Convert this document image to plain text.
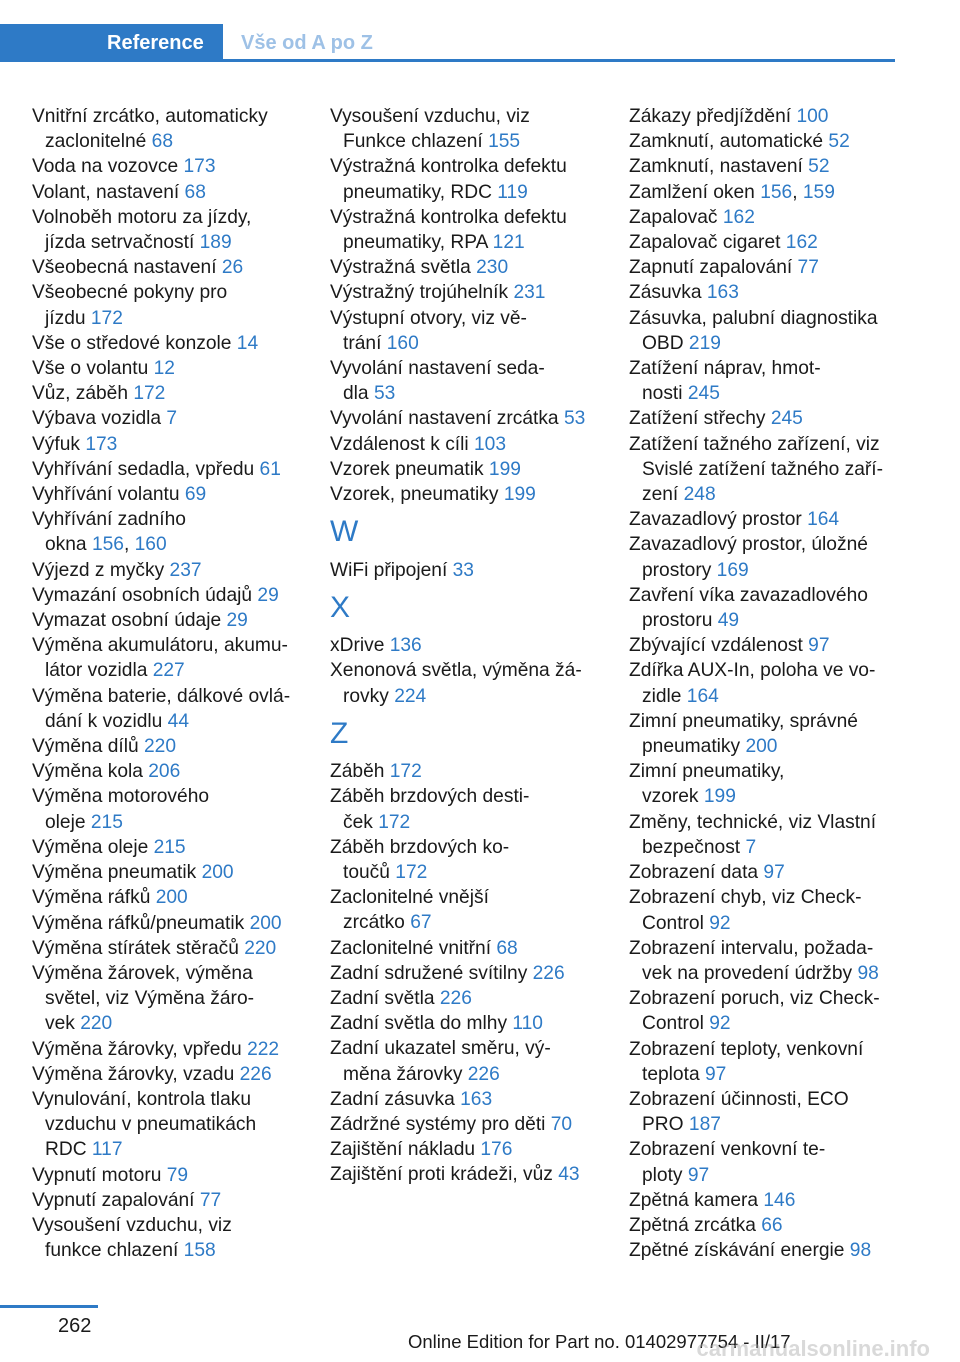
Reference	Vše od A po Z
Vnitřní zrcátko, automaticky
zaclonitelné 68
Voda na vozovce 173
Volant, nastavení 68
Volnoběh motoru za jízdy,
jízda setrvačností 189
Všeobecná nastavení 26
Všeobecné pokyny pro
jízdu 172
Vše o středové konzole 14
Vše o volantu 12
Vůz, záběh 172
Výbava vozidla 7
Výfuk 173
Vyhřívání sedadla, vpředu 61
Vyhřívání volantu 69
Vyhřívání zadního
okna 156, 160
Výjezd z myčky 237
Vymazání osobních údajů 29
Vymazat osobní údaje 29
Výměna akumulátoru, akumu‐
látor vozidla 227
Výměna baterie, dálkové ovlá‐
dání k vozidlu 44
Výměna dílů 220
Výměna kola 206
Výměna motorového
oleje 215
Výměna oleje 215
Výměna pneumatik 200
Výměna ráfků 200
Výměna ráfků/pneumatik 200
Výměna stírátek stěračů 220
Výměna žárovek, výměna
světel, viz Výměna žáro‐
vek 220
Výměna žárovky, vpředu 222
Výměna žárovky, vzadu 226
Vynulování, kontrola tlaku
vzduchu v pneumatikách
RDC 117
Vypnutí motoru 79
Vypnutí zapalování 77
Vysoušení vzduchu, viz
funkce chlazení 158
Vysoušení vzduchu, viz
Funkce chlazení 155
Výstražná kontrolka defektu
pneumatiky, RDC 119
Výstražná kontrolka defektu
pneumatiky, RPA 121
Výstražná světla 230
Výstražný trojúhelník 231
Výstupní otvory, viz vě‐
trání 160
Vyvolání nastavení seda‐
dla 53
Vyvolání nastavení zrcátka 53
Vzdálenost k cíli 103
Vzorek pneumatik 199
Vzorek, pneumatiky 199
W
WiFi připojení 33
X
xDrive 136
Xenonová světla, výměna žá‐
rovky 224
Z
Záběh 172
Záběh brzdových desti‐
ček 172
Záběh brzdových ko‐
toučů 172
Zaclonitelné vnější
zrcátko 67
Zaclonitelné vnitřní 68
Zadní sdružené svítilny 226
Zadní světla 226
Zadní světla do mlhy 110
Zadní ukazatel směru, vý‐
měna žárovky 226
Zadní zásuvka 163
Zádržné systémy pro děti 70
Zajištění nákladu 176
Zajištění proti krádeži, vůz 43
Zákazy předjíždění 100
Zamknutí, automatické 52
Zamknutí, nastavení 52
Zamlžení oken 156, 159
Zapalovač 162
Zapalovač cigaret 162
Zapnutí zapalování 77
Zásuvka 163
Zásuvka, palubní diagnostika
OBD 219
Zatížení náprav, hmot‐
nosti 245
Zatížení střechy 245
Zatížení tažného zařízení, viz
Svislé zatížení tažného zaří‐
zení 248
Zavazadlový prostor 164
Zavazadlový prostor, úložné
prostory 169
Zavření víka zavazadlového
prostoru 49
Zbývající vzdálenost 97
Zdířka AUX-In, poloha ve vo‐
zidle 164
Zimní pneumatiky, správné
pneumatiky 200
Zimní pneumatiky,
vzorek 199
Změny, technické, viz Vlastní
bezpečnost 7
Zobrazení data 97
Zobrazení chyb, viz Check-
Control 92
Zobrazení intervalu, požada‐
vek na provedení údržby 98
Zobrazení poruch, viz Check-
Control 92
Zobrazení teploty, venkovní
teplota 97
Zobrazení účinnosti, ECO
PRO 187
Zobrazení venkovní te‐
ploty 97
Zpětná kamera 146
Zpětná zrcátka 66
Zpětné získávání energie 98
262
Online Edition for Part no. 01402977754 - II/17
carmanualsonline.info
